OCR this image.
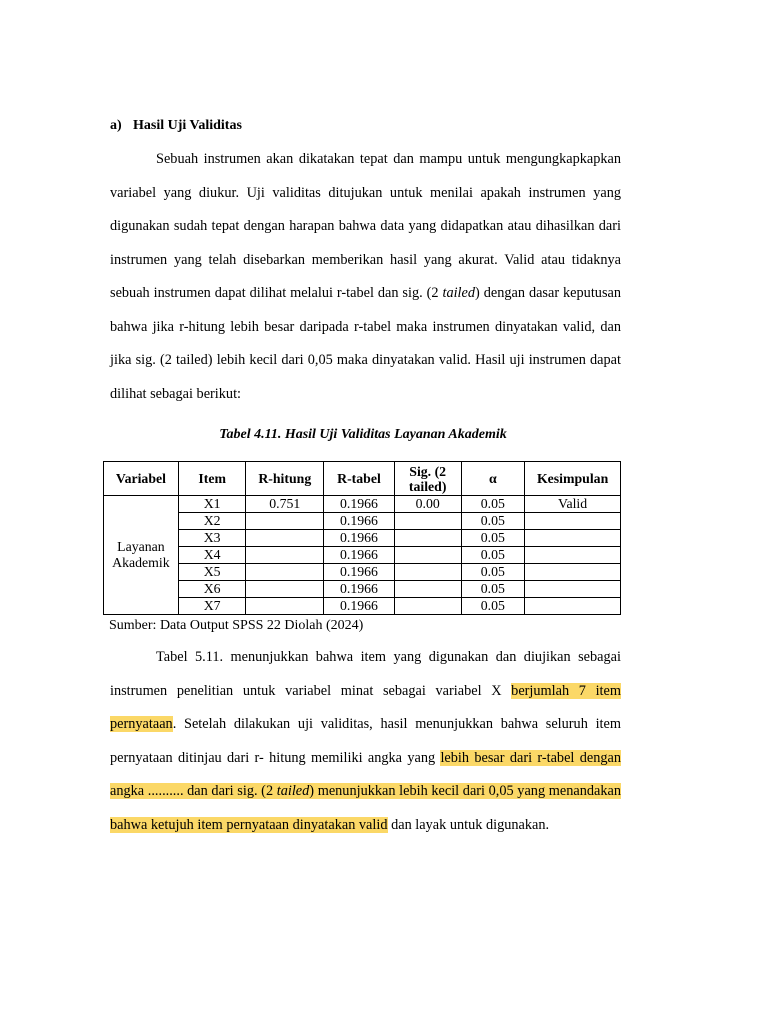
a) Hasil Uji Validitas

Sebuah instrumen akan dikatakan tepat dan mampu untuk mengungkapkapkan variabel yang diukur. Uji validitas ditujukan untuk menilai apakah instrumen yang digunakan sudah tepat dengan harapan bahwa data yang didapatkan atau dihasilkan dari instrumen yang telah disebarkan memberikan hasil yang akurat. Valid atau tidaknya sebuah instrumen dapat dilihat melalui r-tabel dan sig. (2 tailed) dengan dasar keputusan bahwa jika r-hitung lebih besar daripada r-tabel maka instrumen dinyatakan valid, dan jika sig. (2 tailed) lebih kecil dari 0,05 maka dinyatakan valid. Hasil uji instrumen dapat dilihat sebagai berikut:

Tabel 4.11. Hasil Uji Validitas Layanan Akademik
Variabel	Item	R-hitung	R-tabel	Sig. (2 tailed)	α	Kesimpulan
Layanan Akademik	X1	0.751	0.1966	0.00	0.05	Valid
	X2		0.1966		0.05	
	X3		0.1966		0.05	
	X4		0.1966		0.05	
	X5		0.1966		0.05	
	X6		0.1966		0.05	
	X7		0.1966		0.05	
Sumber: Data Output SPSS 22 Diolah (2024)

Tabel 5.11. menunjukkan bahwa item yang digunakan dan diujikan sebagai instrumen penelitian untuk variabel minat sebagai variabel X berjumlah 7 item pernyataan. Setelah dilakukan uji validitas, hasil menunjukkan bahwa seluruh item pernyataan ditinjau dari r- hitung memiliki angka yang lebih besar dari r-tabel dengan angka .......... dan dari sig. (2 tailed) menunjukkan lebih kecil dari 0,05 yang menandakan bahwa ketujuh item pernyataan dinyatakan valid dan layak untuk digunakan.
